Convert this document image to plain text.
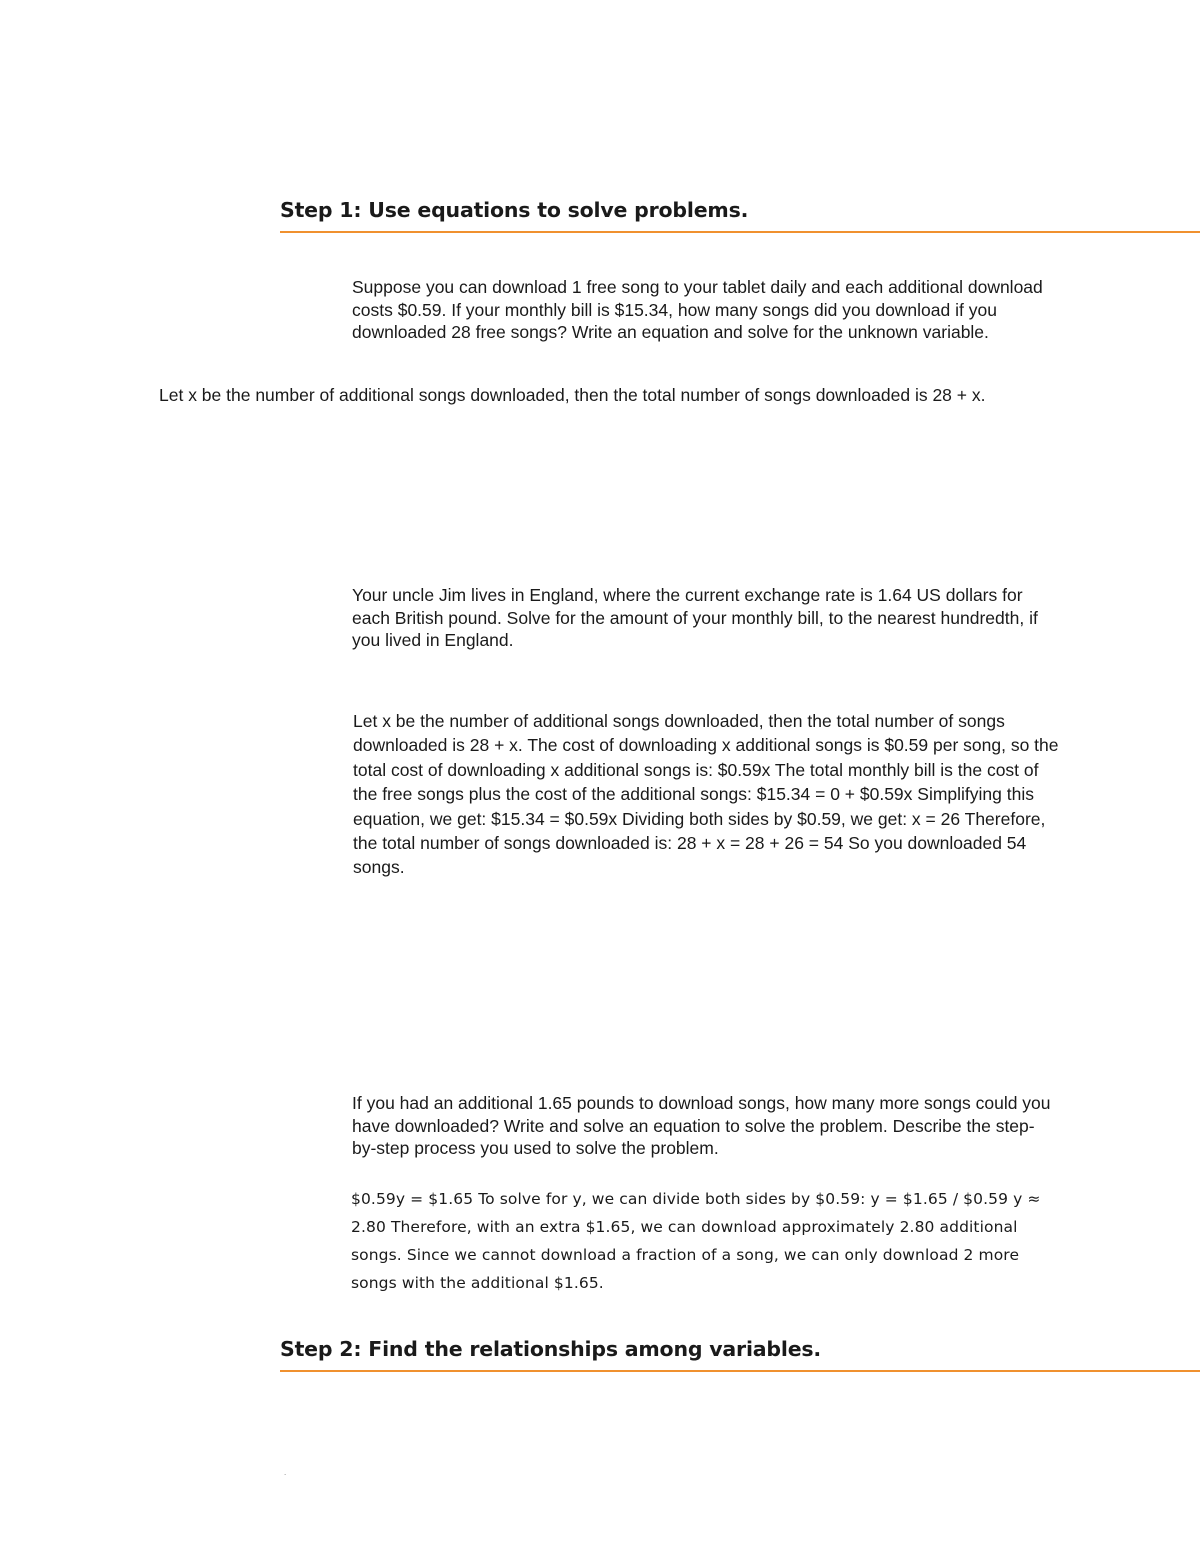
Step 1: Use equations to solve problems.

Suppose you can download 1 free song to your tablet daily and each additional download costs $0.59. If your monthly bill is $15.34, how many songs did you download if you downloaded 28 free songs? Write an equation and solve for the unknown variable.

Let x be the number of additional songs downloaded, then the total number of songs downloaded is 28 + x.

Your uncle Jim lives in England, where the current exchange rate is 1.64 US dollars for each British pound. Solve for the amount of your monthly bill, to the nearest hundredth, if you lived in England.

Let x be the number of additional songs downloaded, then the total number of songs downloaded is 28 + x. The cost of downloading x additional songs is $0.59 per song, so the total cost of downloading x additional songs is: $0.59x The total monthly bill is the cost of the free songs plus the cost of the additional songs: $15.34 = 0 + $0.59x Simplifying this equation, we get: $15.34 = $0.59x Dividing both sides by $0.59, we get: x = 26 Therefore, the total number of songs downloaded is: 28 + x = 28 + 26 = 54 So you downloaded 54 songs.

If you had an additional 1.65 pounds to download songs, how many more songs could you have downloaded? Write and solve an equation to solve the problem. Describe the step-by-step process you used to solve the problem.

$0.59y = $1.65 To solve for y, we can divide both sides by $0.59: y = $1.65 / $0.59 y ≈ 2.80 Therefore, with an extra $1.65, we can download approximately 2.80 additional songs. Since we cannot download a fraction of a song, we can only download 2 more songs with the additional $1.65.

Step 2: Find the relationships among variables.
.
